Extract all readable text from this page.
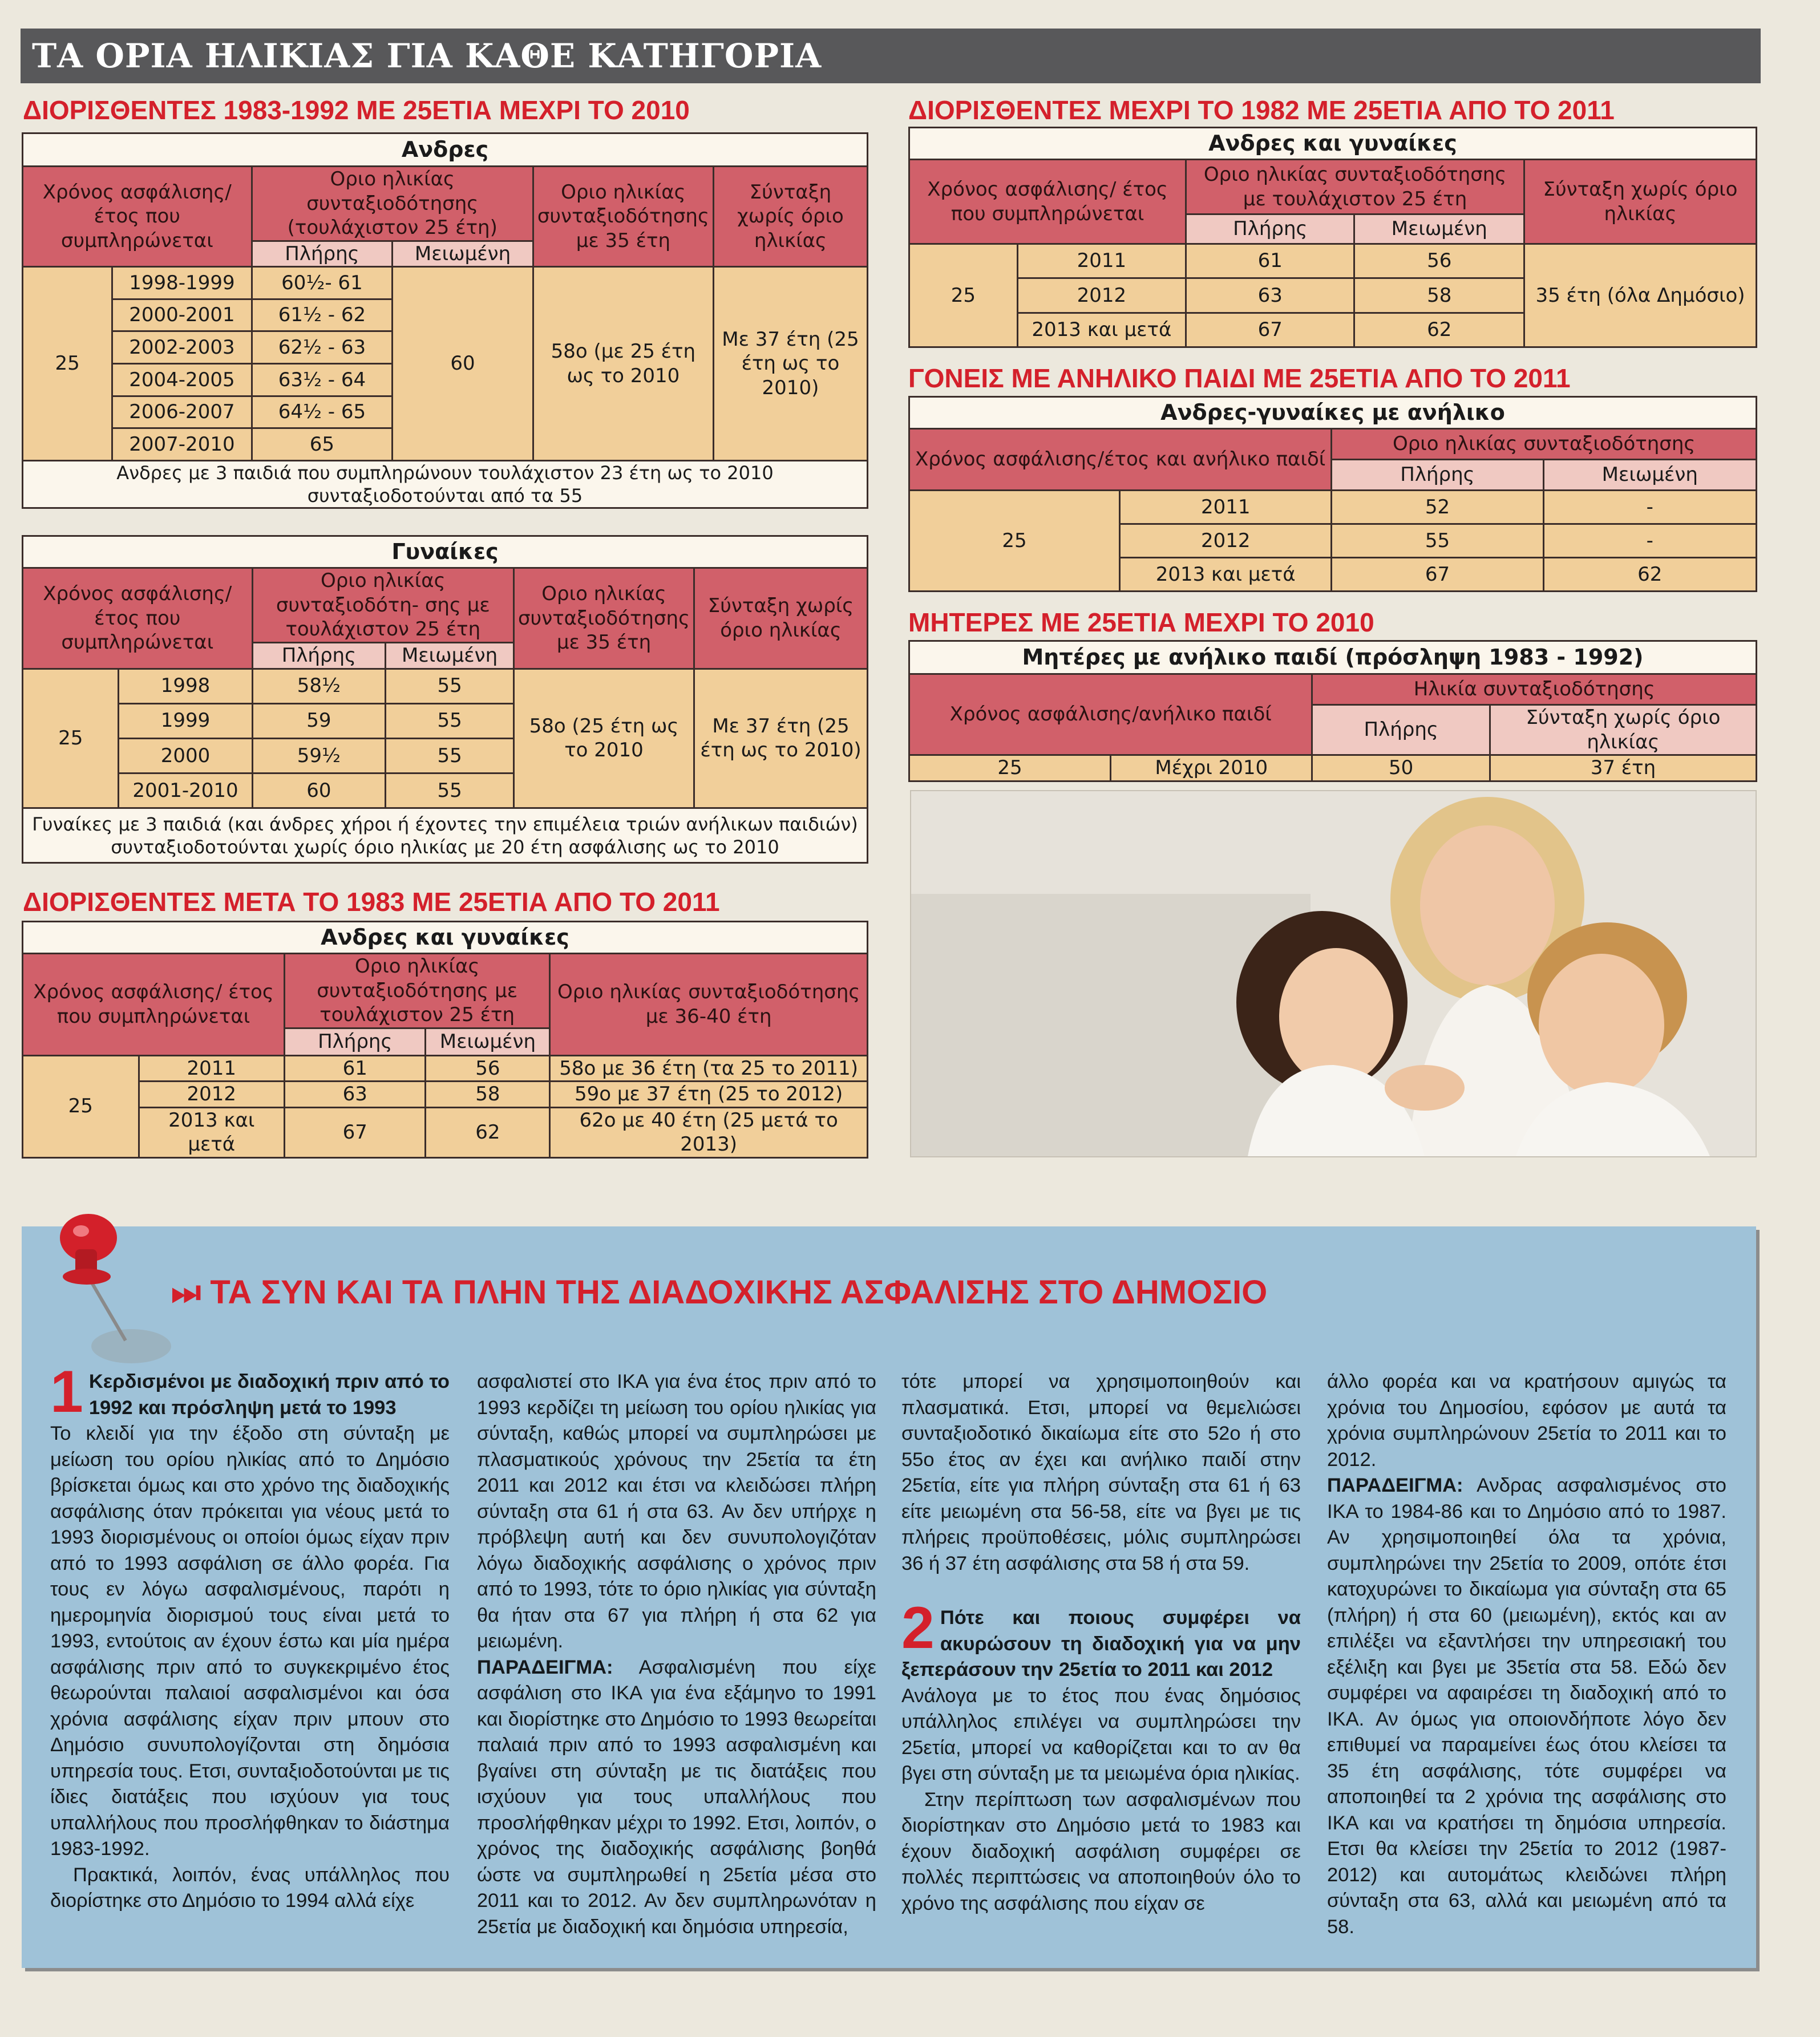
ΤΑ ΟΡΙΑ ΗΛΙΚΙΑΣ ΓΙΑ ΚΑΘΕ ΚΑΤΗΓΟΡΙΑ
ΔΙΟΡΙΣΘΕΝΤΕΣ 1983-1992 ΜΕ 25ΕΤΙΑ ΜΕΧΡΙ ΤΟ 2010
Ανδρες					
Χρόνος ασφάλισης/ έτος που συμπληρώνεται		Οριο ηλικίας συνταξιοδότησης (τουλάχιστον 25 έτη)		Οριο ηλικίας συνταξιοδότησης με 35 έτη	Σύνταξη χωρίς όριο ηλικίας
		Πλήρης	Μειωμένη		
25	1998-1999	60½- 61	60	58ο (με 25 έτη ως το 2010	Με 37 έτη (25 έτη ως το 2010)
	2000-2001	61½ - 62			
	2002-2003	62½ - 63			
	2004-2005	63½ - 64			
	2006-2007	64½ - 65			
	2007-2010	65			
Ανδρες με 3 παιδιά που συμπληρώνουν τουλάχιστον 23 έτη ως το 2010 συνταξιοδοτούνται από τα 55					
Γυναίκες					
Χρόνος ασφάλισης/ έτος που συμπληρώνεται		Οριο ηλικίας συνταξιοδότη- σης με τουλάχιστον 25 έτη		Οριο ηλικίας συνταξιοδότησης με 35 έτη	Σύνταξη χωρίς όριο ηλικίας
		Πλήρης	Μειωμένη		
25	1998	58½	55	58ο (25 έτη ως το 2010	Με 37 έτη (25 έτη ως το 2010)
	1999	59	55		
	2000	59½	55		
	2001-2010	60	55		
Γυναίκες με 3 παιδιά (και άνδρες χήροι ή έχοντες την επιμέλεια τριών ανήλικων παιδιών) συνταξιοδοτούνται χωρίς όριο ηλικίας με 20 έτη ασφάλισης ως το 2010					
ΔΙΟΡΙΣΘΕΝΤΕΣ ΜΕΤΑ ΤΟ 1983 ΜΕ 25ΕΤΙΑ ΑΠΟ ΤΟ 2011
Ανδρες και γυναίκες				
Χρόνος ασφάλισης/ έτος που συμπληρώνεται		Οριο ηλικίας συνταξιοδότησης με τουλάχιστον 25 έτη		Οριο ηλικίας συνταξιοδότησης με 36-40 έτη
		Πλήρης	Μειωμένη	
25	2011	61	56	58ο με 36 έτη (τα 25 το 2011)
	2012	63	58	59ο με 37 έτη (25 το 2012)
	2013 και μετά	67	62	62ο με 40 έτη (25 μετά το 2013)
ΔΙΟΡΙΣΘΕΝΤΕΣ ΜΕΧΡΙ ΤΟ 1982 ΜΕ 25ΕΤΙΑ ΑΠΟ ΤΟ 2011
Ανδρες και γυναίκες				
Χρόνος ασφάλισης/ έτος που συμπληρώνεται		Οριο ηλικίας συνταξιοδότησης με τουλάχιστον 25 έτη		Σύνταξη χωρίς όριο ηλικίας
		Πλήρης	Μειωμένη	
25	2011	61	56	35 έτη (όλα Δημόσιο)
	2012	63	58	
	2013 και μετά	67	62	
ΓΟΝΕΙΣ ΜΕ ΑΝΗΛΙΚΟ ΠΑΙΔΙ ΜΕ 25ΕΤΙΑ ΑΠΟ ΤΟ 2011
Ανδρες-γυναίκες με ανήλικο			
Χρόνος ασφάλισης/έτος και ανήλικο παιδί		Οριο ηλικίας συνταξιοδότησης	
		Πλήρης	Μειωμένη
25	2011	52	-
	2012	55	-
	2013 και μετά	67	62
ΜΗΤΕΡΕΣ ΜΕ 25ΕΤΙΑ ΜΕΧΡΙ ΤΟ 2010
Μητέρες με ανήλικο παιδί (πρόσληψη 1983 - 1992)			
Χρόνος ασφάλισης/ανήλικο παιδί		Ηλικία συνταξιοδότησης	
		Πλήρης	Σύνταξη χωρίς όριο ηλικίας
25	Μέχρι 2010	50	37 έτη
⏭ ΤΑ ΣΥΝ ΚΑΙ ΤΑ ΠΛΗΝ ΤΗΣ ΔΙΑΔΟΧΙΚΗΣ ΑΣΦΑΛΙΣΗΣ ΣΤΟ ΔΗΜΟΣΙΟ
1 Κερδισμένοι με διαδοχική πριν από το 1992 και πρόσληψη μετά το 1993

Το κλειδί για την έξοδο στη σύνταξη με μείωση του ορίου ηλικίας από το Δημόσιο βρίσκεται όμως και στο χρόνο της διαδοχικής ασφάλισης όταν πρόκειται για νέους μετά το 1993 διορισμένους οι οποίοι όμως είχαν πριν από το 1993 ασφάλιση σε άλλο φορέα. Για τους εν λόγω ασφαλισμένους, παρότι η ημερομηνία διορισμού τους είναι μετά το 1993, εντούτοις αν έχουν έστω και μία ημέρα ασφάλισης πριν από το συγκεκριμένο έτος θεωρούνται παλαιοί ασφαλισμένοι και όσα χρόνια ασφάλισης είχαν πριν μπουν στο Δημόσιο συνυπολογίζονται στη δημόσια υπηρεσία τους. Ετσι, συνταξιοδοτούνται με τις ίδιες διατάξεις που ισχύουν για τους υπαλλήλους που προσλήφθηκαν το διάστημα 1983-1992.

Πρακτικά, λοιπόν, ένας υπάλληλος που διορίστηκε στο Δημόσιο το 1994 αλλά είχε

ασφαλιστεί στο ΙΚΑ για ένα έτος πριν από το 1993 κερδίζει τη μείωση του ορίου ηλικίας για σύνταξη, καθώς μπορεί να συμπληρώσει με πλασματικούς χρόνους την 25ετία τα έτη 2011 και 2012 και έτσι να κλειδώσει πλήρη σύνταξη στα 61 ή στα 63. Αν δεν υπήρχε η πρόβλεψη αυτή και δεν συνυπολογιζόταν λόγω διαδοχικής ασφάλισης ο χρόνος πριν από το 1993, τότε το όριο ηλικίας για σύνταξη θα ήταν στα 67 για πλήρη ή στα 62 για μειωμένη.

ΠΑΡΑΔΕΙΓΜΑ: Ασφαλισμένη που είχε ασφάλιση στο ΙΚΑ για ένα εξάμηνο το 1991 και διορίστηκε στο Δημόσιο το 1993 θεωρείται παλαιά πριν από το 1993 ασφαλισμένη και βγαίνει στη σύνταξη με τις διατάξεις που ισχύουν για τους υπαλλήλους που προσλήφθηκαν μέχρι το 1992. Ετσι, λοιπόν, ο χρόνος της διαδοχικής ασφάλισης βοηθά ώστε να συμπληρωθεί η 25ετία μέσα στο 2011 και το 2012. Αν δεν συμπληρωνόταν η 25ετία με διαδοχική και δημόσια υπηρεσία,

τότε μπορεί να χρησιμοποιηθούν και πλασματικά. Ετσι, μπορεί να θεμελιώσει συνταξιοδοτικό δικαίωμα είτε στο 52ο ή στο 55ο έτος αν έχει και ανήλικο παιδί στην 25ετία, είτε για πλήρη σύνταξη στα 61 ή 63 είτε μειωμένη στα 56-58, είτε να βγει με τις πλήρεις προϋποθέσεις, μόλις συμπληρώσει 36 ή 37 έτη ασφάλισης στα 58 ή στα 59.

2 Πότε και ποιους συμφέρει να ακυρώσουν τη διαδοχική για να μην ξεπεράσουν την 25ετία το 2011 και 2012

Ανάλογα με το έτος που ένας δημόσιος υπάλληλος επιλέγει να συμπληρώσει την 25ετία, μπορεί να καθορίζεται και το αν θα βγει στη σύνταξη με τα μειωμένα όρια ηλικίας.

Στην περίπτωση των ασφαλισμένων που διορίστηκαν στο Δημόσιο μετά το 1983 και έχουν διαδοχική ασφάλιση συμφέρει σε πολλές περιπτώσεις να αποποιηθούν όλο το χρόνο της ασφάλισης που είχαν σε

άλλο φορέα και να κρατήσουν αμιγώς τα χρόνια του Δημοσίου, εφόσον με αυτά τα χρόνια συμπληρώνουν 25ετία το 2011 και το 2012.

ΠΑΡΑΔΕΙΓΜΑ: Ανδρας ασφαλισμένος στο ΙΚΑ το 1984-86 και το Δημόσιο από το 1987. Αν χρησιμοποιηθεί όλα τα χρόνια, συμπληρώνει την 25ετία το 2009, οπότε έτσι κατοχυρώνει το δικαίωμα για σύνταξη στα 65 (πλήρη) ή στα 60 (μειωμένη), εκτός και αν επιλέξει να εξαντλήσει την υπηρεσιακή του εξέλιξη και βγει με 35ετία στα 58. Εδώ δεν συμφέρει να αφαιρέσει τη διαδοχική από το ΙΚΑ. Αν όμως για οποιονδήποτε λόγο δεν επιθυμεί να παραμείνει έως ότου κλείσει τα 35 έτη ασφάλισης, τότε συμφέρει να αποποιηθεί τα 2 χρόνια της ασφάλισης στο ΙΚΑ και να κρατήσει τη δημόσια υπηρεσία. Ετσι θα κλείσει την 25ετία το 2012 (1987-2012) και αυτομάτως κλειδώνει πλήρη σύνταξη στα 63, αλλά και μειωμένη από τα 58.
